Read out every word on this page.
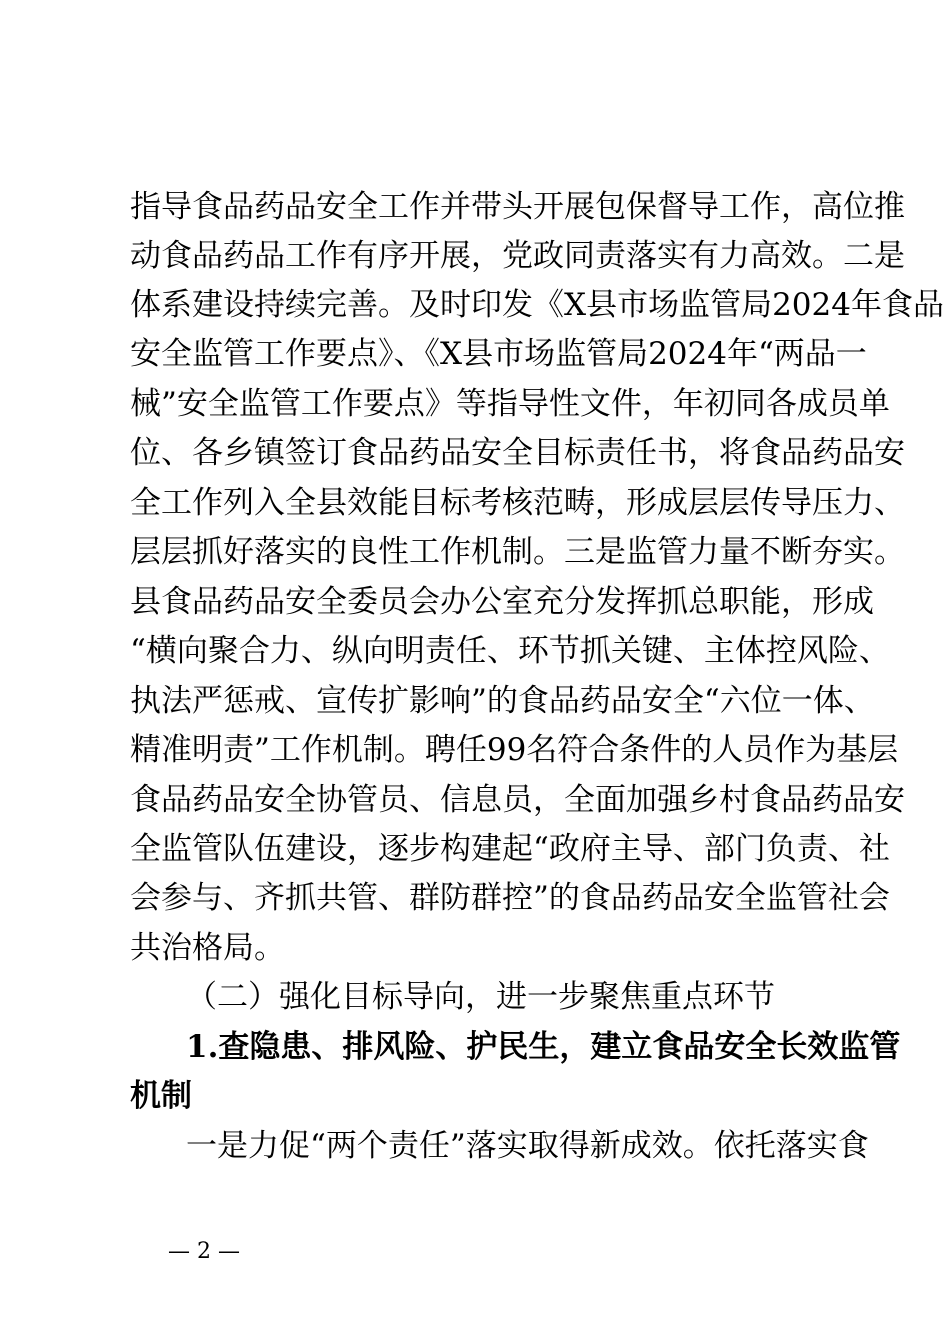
指导食品药品安全工作并带头开展包保督导工作，高位推
动食品药品工作有序开展，党政同责落实有力高效。二是
体系建设持续完善。及时印发《X县市场监管局2024年食品
安全监管工作要点》、《X县市场监管局2024年“两品一
械”安全监管工作要点》等指导性文件，年初同各成员单
位、各乡镇签订食品药品安全目标责任书，将食品药品安
全工作列入全县效能目标考核范畴，形成层层传导压力、
层层抓好落实的良性工作机制。三是监管力量不断夯实。
县食品药品安全委员会办公室充分发挥抓总职能，形成
“横向聚合力、纵向明责任、环节抓关键、主体控风险、
执法严惩戒、宣传扩影响”的食品药品安全“六位一体、
精准明责”工作机制。聘任99名符合条件的人员作为基层
食品药品安全协管员、信息员，全面加强乡村食品药品安
全监管队伍建设，逐步构建起“政府主导、部门负责、社
会参与、齐抓共管、群防群控”的食品药品安全监管社会
共治格局。
（二）强化目标导向，进一步聚焦重点环节
1.查隐患、排风险、护民生，建立食品安全长效监管
机制
一是力促“两个责任”落实取得新成效。依托落实食
— 2 —
